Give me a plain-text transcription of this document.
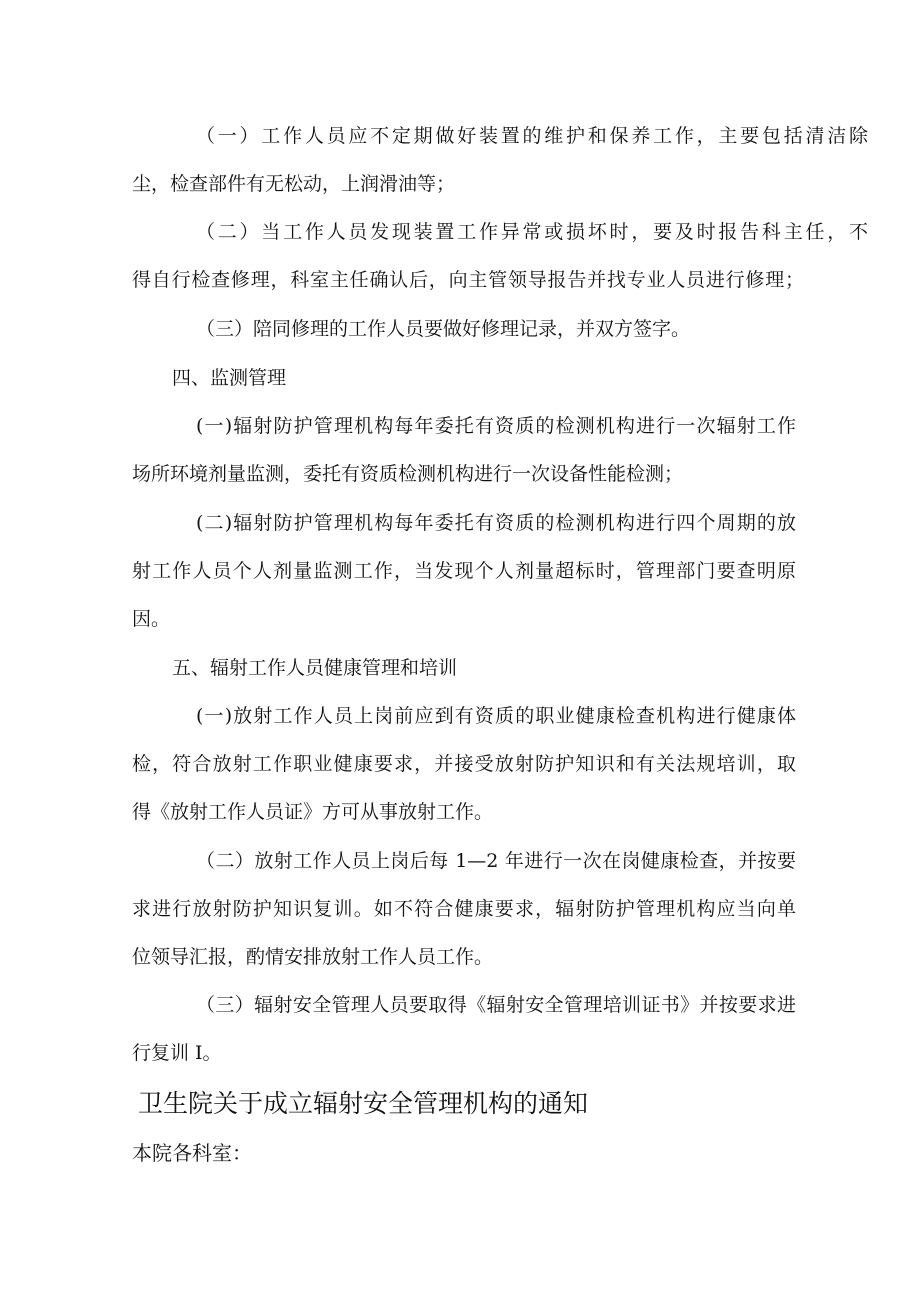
（一）工作人员应不定期做好装置的维护和保养工作，主要包括清洁除

尘，检查部件有无松动，上润滑油等；

（二）当工作人员发现装置工作异常或损坏时，要及时报告科主任，不

得自行检查修理，科室主任确认后，向主管领导报告并找专业人员进行修理；

（三）陪同修理的工作人员要做好修理记录，并双方签字。

四、监测管理

(一)辐射防护管理机构每年委托有资质的检测机构进行一次辐射工作

场所环境剂量监测，委托有资质检测机构进行一次设备性能检测；

(二)辐射防护管理机构每年委托有资质的检测机构进行四个周期的放

射工作人员个人剂量监测工作，当发现个人剂量超标时，管理部门要查明原

因。

五、辐射工作人员健康管理和培训

(一)放射工作人员上岗前应到有资质的职业健康检查机构进行健康体

检，符合放射工作职业健康要求，并接受放射防护知识和有关法规培训，取

得《放射工作人员证》方可从事放射工作。

（二）放射工作人员上岗后每 1—2 年进行一次在岗健康检查，并按要

求进行放射防护知识复训。如不符合健康要求，辐射防护管理机构应当向单

位领导汇报，酌情安排放射工作人员工作。

（三）辐射安全管理人员要取得《辐射安全管理培训证书》并按要求进

行复训 I。

卫生院关于成立辐射安全管理机构的通知

本院各科室：
